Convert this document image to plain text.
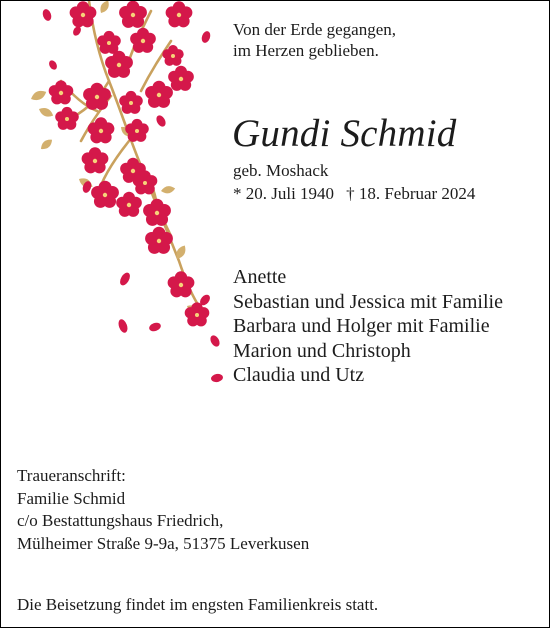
Von der Erde gegangen,
im Herzen geblieben.

Gundi Schmid

geb. Moshack

* 20. Juli 1940 † 18. Februar 2024

Anette
Sebastian und Jessica mit Familie
Barbara und Holger mit Familie
Marion und Christoph
Claudia und Utz

Traueranschrift:
Familie Schmid
c/o Bestattungshaus Friedrich,
Mülheimer Straße 9-9a, 51375 Leverkusen

Die Beisetzung findet im engsten Familienkreis statt.
